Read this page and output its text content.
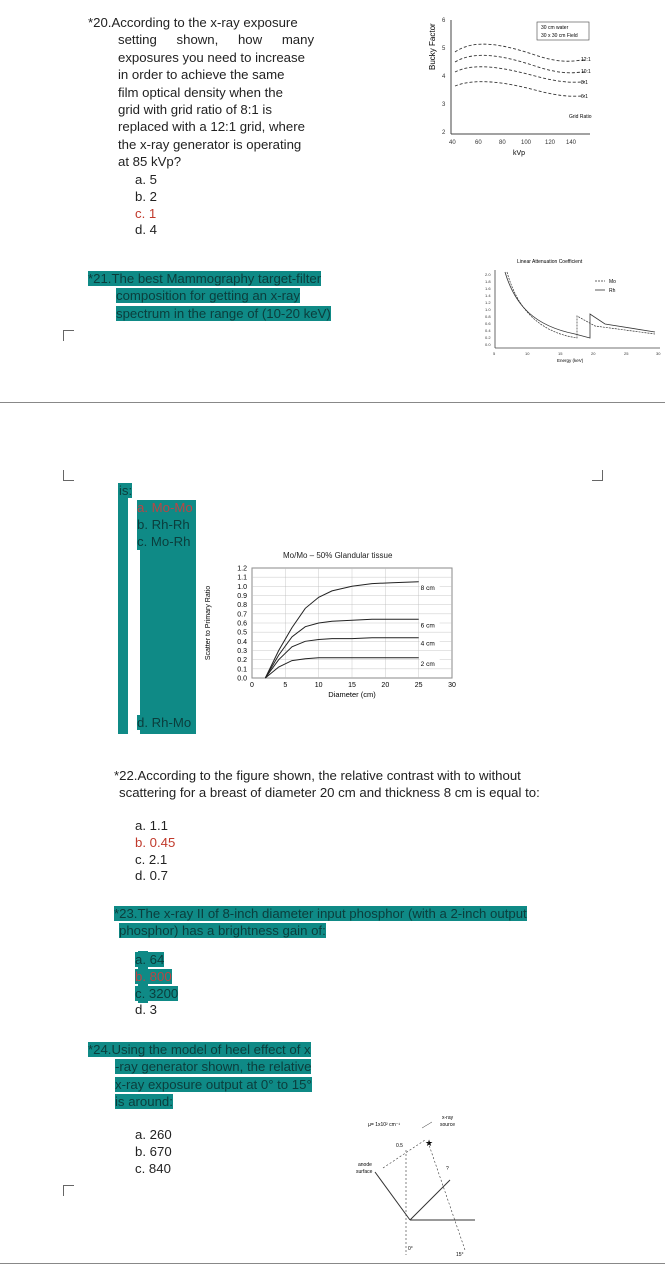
*20.According to the x-ray exposure
setting shown, how many
exposures you need to increase
in order to achieve the same
film optical density when the
grid with grid ratio of 8:1 is
replaced with a 12:1 grid, where
the x-ray generator is operating
at 85 kVp?
a. 5
b. 2
c. 1
d. 4
Bucky Factor
2
3
4
5
6
40	60	80	100 120 140
kVp
30 cm water
30 x 30 cm Field
12:1
10:1
8:1
6:1
Grid Ratio
*21.The best Mammography target-filter
composition for getting an x-ray
spectrum in the range of (10-20 keV)
Linear Attenuation Coefficient
2.0
1.8
1.6
1.4
1.2
1.0
0.8
0.6
0.4
0.2
0.0
5	10	15	20	25	30
Energy (keV)
Mo
Rh
is:
a. Mo-Mo
b. Rh-Rh
c. Mo-Rh
d. Rh-Mo
Mo/Mo – 50% Glandular tissue
0.0
0.1
0.2
0.3
0.4
0.5
0.6
0.7
0.8
0.9
1.0
1.1
1.2
0	5	10	15	20	25	30
Diameter (cm)
Scatter to Primary Ratio	8 cm
6 cm
4 cm
2 cm
*22.According to the figure shown, the relative contrast with to without
scattering for a breast of diameter 20 cm and thickness 8 cm is equal to:
a. 1.1
b. 0.45
c. 2.1
d. 0.7
*23.The x-ray II of 8-inch diameter input phosphor (with a 2-inch output
phosphor) has a brightness gain of:
a. 64
b. 800
c. 3200
d. 3
*24.Using the model of heel effect of x
-ray generator shown, the relative
x-ray exposure output at 0° to 15°
is around:
a. 260
b. 670
c. 840
µ= 1x10² cm⁻¹
x-ray
source
★
0.5
anode
surface	?
0°
15°
